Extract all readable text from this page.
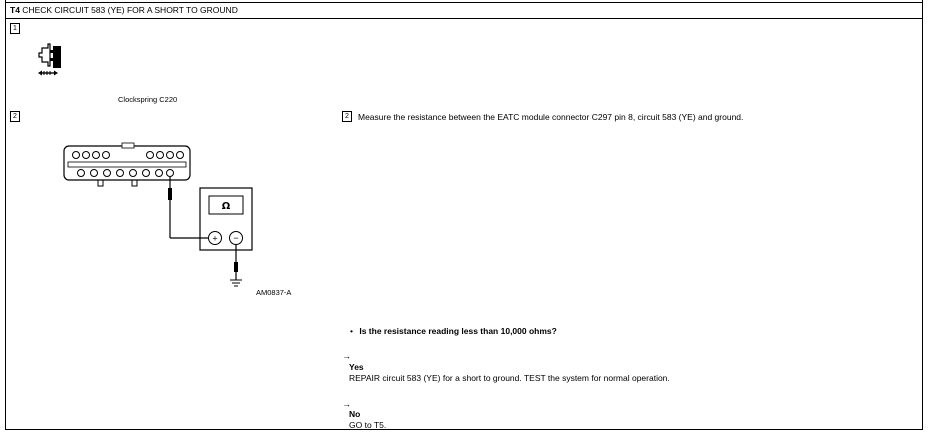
T4 CHECK CIRCUIT 583 (YE) FOR A SHORT TO GROUND
1
Clockspring C220
2
Ω
+ −
AM0837-A
2	Measure the resistance between the EATC module connector C297 pin 8, circuit 583 (YE) and ground.
• Is the resistance reading less than 10,000 ohms?
→
Yes
REPAIR circuit 583 (YE) for a short to ground. TEST the system for normal operation.
→
No
GO to T5.
